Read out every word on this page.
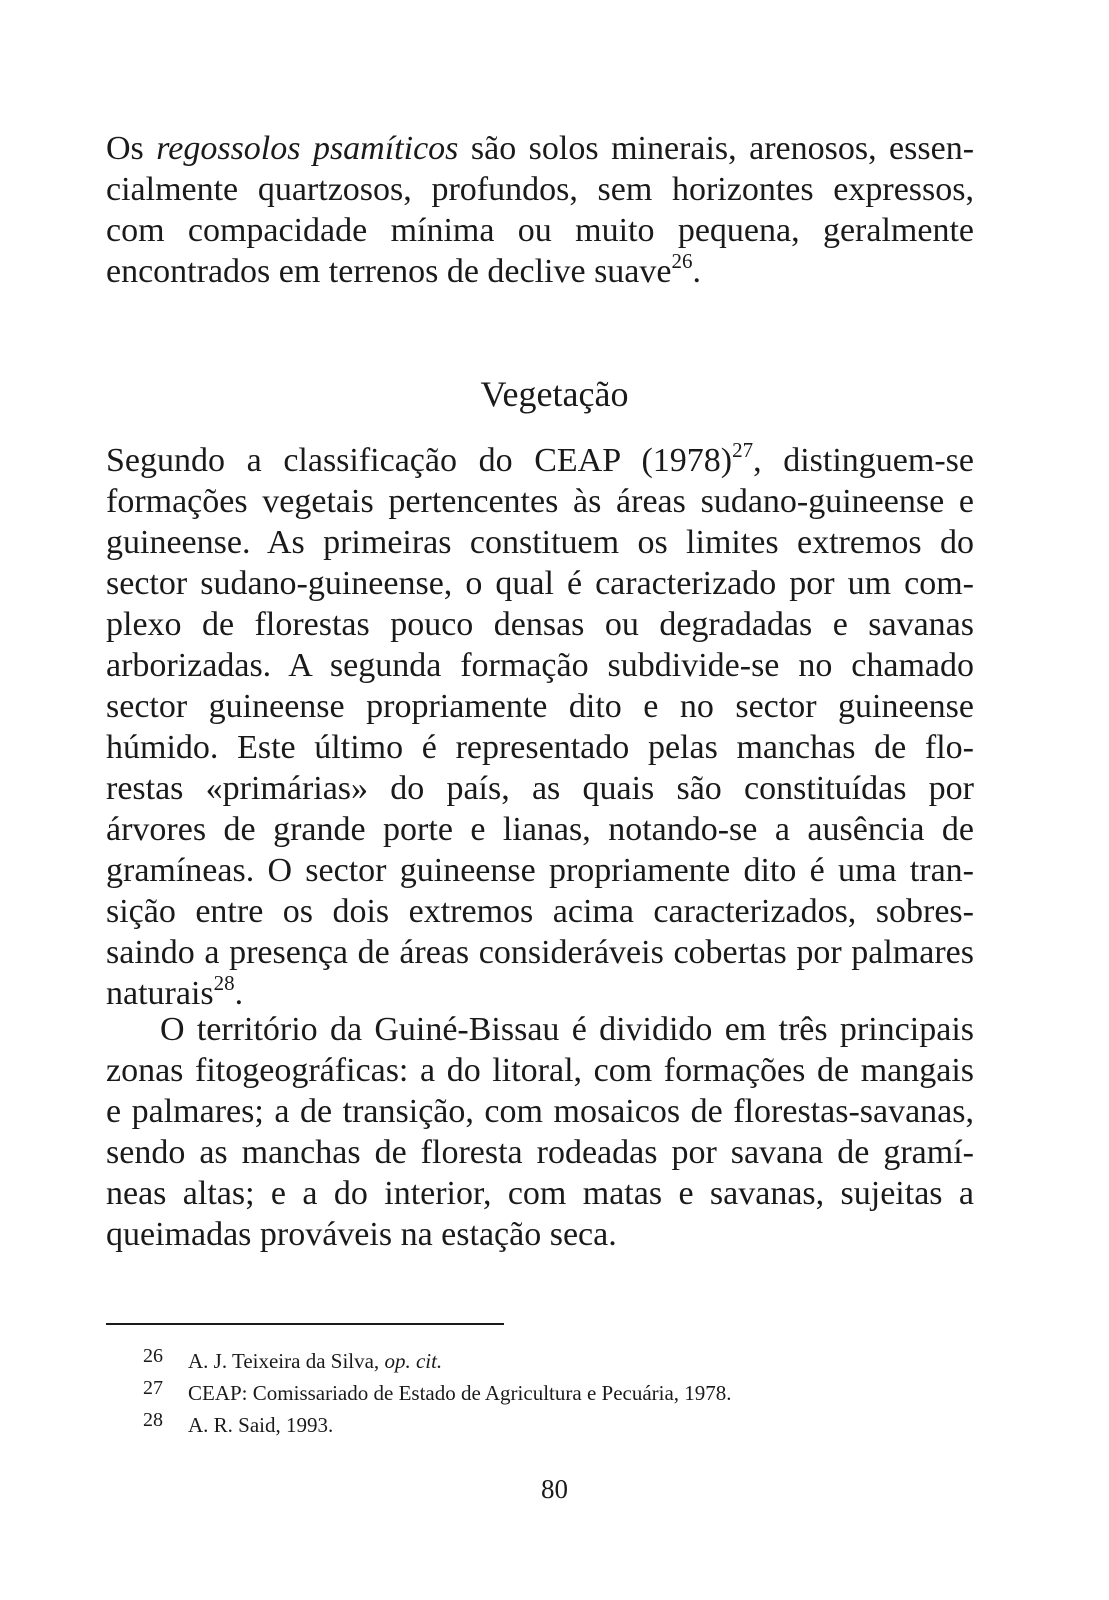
Os regossolos psamíticos são solos minerais, arenosos, essen-
cialmente quartzosos, profundos, sem horizontes expressos,
com compacidade mínima ou muito pequena, geralmente
encontrados em terrenos de declive suave$^{26}$.
Vegetação
Segundo a classificação do CEAP $(1978)^{27}$, distinguem-se
formações vegetais pertencentes às áreas sudano-guineense e
guineense. As primeiras constituem os limites extremos do
sector sudano-guineense, o qual é caracterizado por um com-
plexo de florestas pouco densas ou degradadas e savanas
arborizadas. A segunda formação subdivide-se no chamado
sector guineense propriamente dito e no sector guineense
húmido. Este último é representado pelas manchas de flo-
restas «primárias» do país, as quais são constituídas por
árvores de grande porte e lianas, notando-se a ausência de
gramíneas. O sector guineense propriamente dito é uma tran-
sição entre os dois extremos acima caracterizados, sobres-
saindo a presença de áreas consideráveis cobertas por palmares
naturais$^{28}$.
O território da Guiné-Bissau é dividido em três principais
zonas fitogeográficas: a do litoral, com formações de mangais
e palmares; a de transição, com mosaicos de florestas-savanas,
sendo as manchas de floresta rodeadas por savana de gramí-
neas altas; e a do interior, com matas e savanas, sujeitas a
queimadas prováveis na estação seca.
26 A. J. Teixeira da Silva, op. cit.
27 CEAP: Comissariado de Estado de Agricultura e Pecuária, 1978.
28 A. R. Said, 1993.
80
